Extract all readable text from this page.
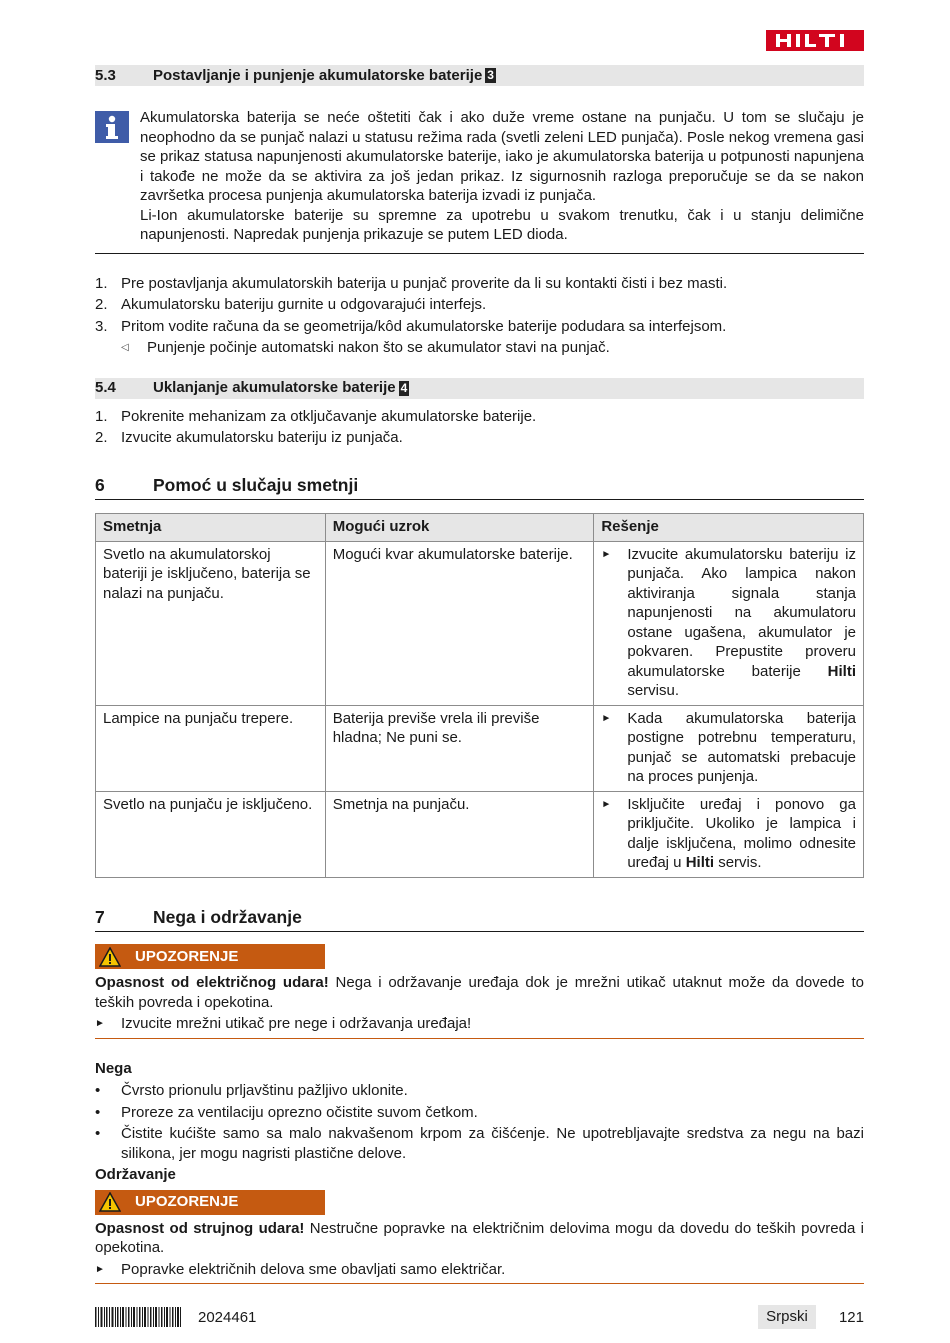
5.3	Postavljanje i punjenje akumulatorske baterije 3

Akumulatorska baterija se neće oštetiti čak i ako duže vreme ostane na punjaču. U tom se slučaju je neophodno da se punjač nalazi u statusu režima rada (svetli zeleni LED punjača). Posle nekog vremena gasi se prikaz statusa napunjenosti akumulatorske baterije, iako je akumulatorska baterija u potpunosti napunjena i takođe ne može da se aktivira za još jedan prikaz. Iz sigurnosnih razloga preporučuje se da se nakon završetka procesa punjenja akumulatorska baterija izvadi iz punjača.

Li-Ion akumulatorske baterije su spremne za upotrebu u svakom trenutku, čak i u stanju delimične napunjenosti. Napredak punjenja prikazuje se putem LED dioda.

1. Pre postavljanja akumulatorskih baterija u punjač proverite da li su kontakti čisti i bez masti.
2. Akumulatorsku bateriju gurnite u odgovarajući interfejs.
3. Pritom vodite računa da se geometrija/kôd akumulatorske baterije podudara sa interfejsom.
◁	Punjenje počinje automatski nakon što se akumulator stavi na punjač.
5.4	Uklanjanje akumulatorske baterije 4
1. Pokrenite mehanizam za otključavanje akumulatorske baterije.
2. Izvucite akumulatorsku bateriju iz punjača.
6	Pomoć u slučaju smetnji
Smetnja	Mogući uzrok	Rešenje
Svetlo na akumulatorskoj bateriji je isključeno, baterija se nalazi na punjaču.	Mogući kvar akumulatorske baterije.	► Izvucite akumulatorsku bateriju iz punjača. Ako lampica nakon aktiviranja signala stanja napunjenosti na akumulatoru ostane ugašena, akumulator je pokvaren. Prepustite proveru akumulatorske baterije Hilti servisu.

Lampice na punjaču trepere.	Baterija previše vrela ili previše hladna; Ne puni se.	► Kada akumulatorska baterija postigne potrebnu temperaturu, punjač se automatski prebacuje na proces punjenja.

Svetlo na punjaču je isključeno.	Smetnja na punjaču.	► Isključite uređaj i ponovo ga priključite. Ukoliko je lampica i dalje isključena, molimo odnesite uređaj u Hilti servis.
7	Nega i održavanje
UPOZORENJE

Opasnost od električnog udara! Nega i održavanje uređaja dok je mrežni utikač utaknut može da dovede to teških povreda i opekotina.

►	Izvucite mrežni utikač pre nege i održavanja uređaja!
Nega
•	Čvrsto prionulu prljavštinu pažljivo uklonite.
•	Proreze za ventilaciju oprezno očistite suvom četkom.
•	Čistite kućište samo sa malo nakvašenom krpom za čišćenje. Ne upotrebljavajte sredstva za negu na bazi silikona, jer mogu nagristi plastične delove.
Održavanje
UPOZORENJE

Opasnost od strujnog udara! Nestručne popravke na električnim delovima mogu da dovedu do teških povreda i opekotina.

►	Popravke električnih delova sme obavljati samo električar.
2024461	Srpski	121
